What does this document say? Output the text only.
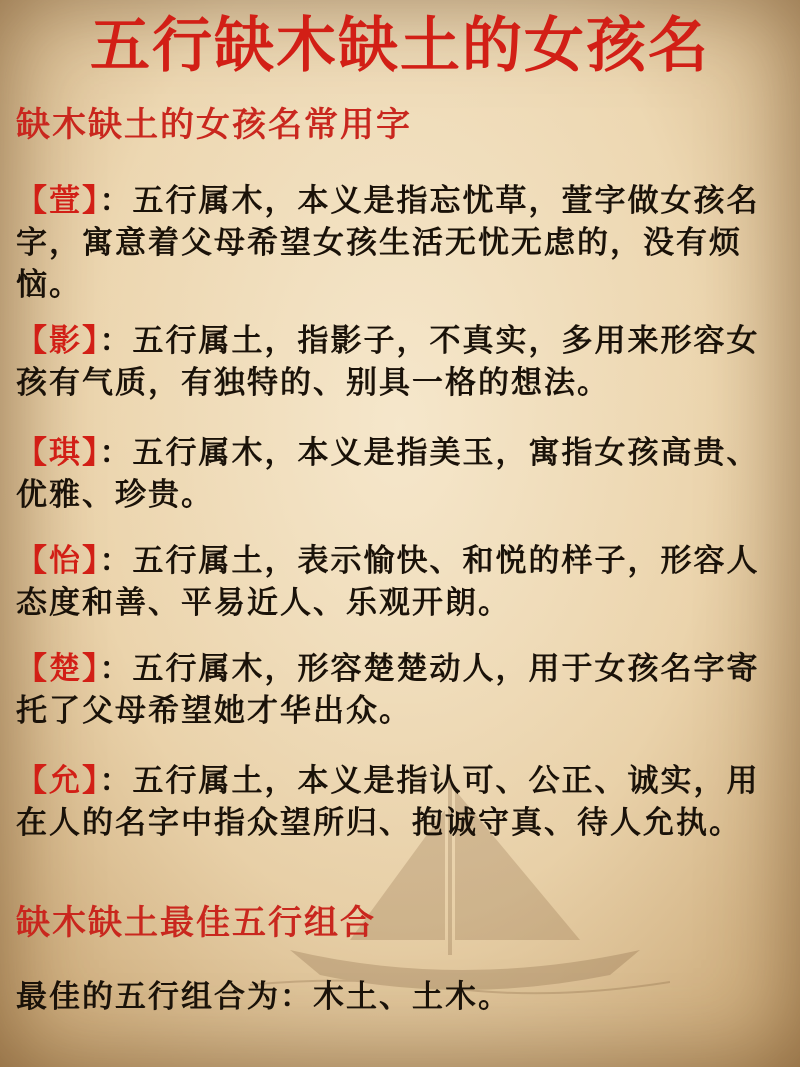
五行缺木缺土的女孩名
缺木缺土的女孩名常用字
【萱】：五行属木，本义是指忘忧草，萱字做女孩名字，寓意着父母希望女孩生活无忧无虑的，没有烦恼。
【影】：五行属土，指影子，不真实，多用来形容女孩有气质，有独特的、别具一格的想法。
【琪】：五行属木，本义是指美玉，寓指女孩高贵、优雅、珍贵。
【怡】：五行属土，表示愉快、和悦的样子，形容人态度和善、平易近人、乐观开朗。
【楚】：五行属木，形容楚楚动人，用于女孩名字寄托了父母希望她才华出众。
【允】：五行属土，本义是指认可、公正、诚实，用在人的名字中指众望所归、抱诚守真、待人允执。
缺木缺土最佳五行组合
最佳的五行组合为：木土、土木。
